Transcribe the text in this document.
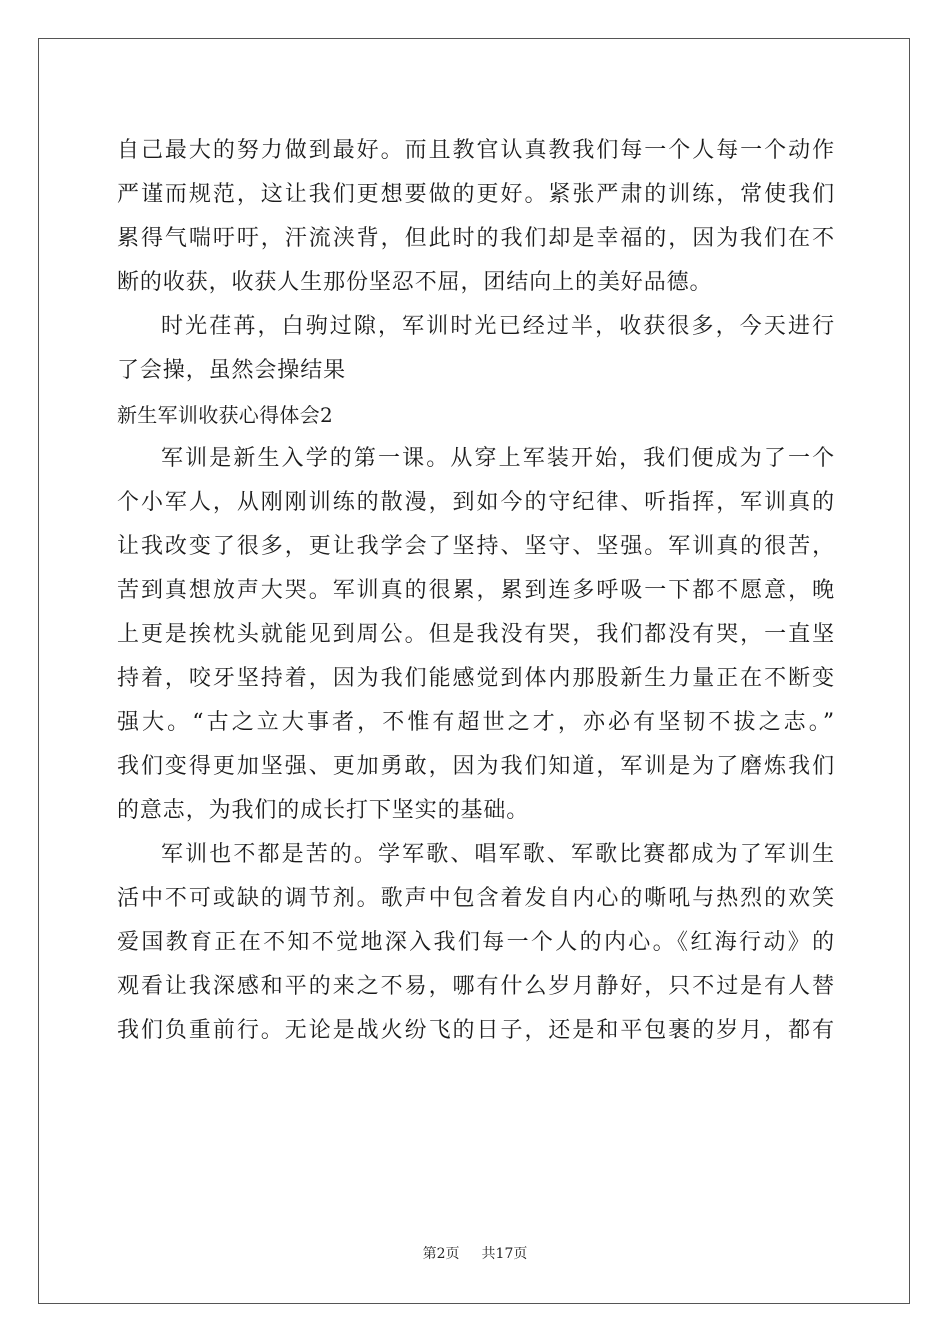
自己最大的努力做到最好。而且教官认真教我们每一个人每一个动作
严谨而规范，这让我们更想要做的更好。紧张严肃的训练，常使我们
累得气喘吁吁，汗流浃背，但此时的我们却是幸福的，因为我们在不
断的收获，收获人生那份坚忍不屈，团结向上的美好品德。
时光荏苒，白驹过隙，军训时光已经过半，收获很多，今天进行
了会操，虽然会操结果
新生军训收获心得体会2
军训是新生入学的第一课。从穿上军装开始，我们便成为了一个
个小军人，从刚刚训练的散漫，到如今的守纪律、听指挥，军训真的
让我改变了很多，更让我学会了坚持、坚守、坚强。军训真的很苦，
苦到真想放声大哭。军训真的很累，累到连多呼吸一下都不愿意，晚
上更是挨枕头就能见到周公。但是我没有哭，我们都没有哭，一直坚
持着，咬牙坚持着，因为我们能感觉到体内那股新生力量正在不断变
强大。“古之立大事者，不惟有超世之才，亦必有坚韧不拔之志。”
我们变得更加坚强、更加勇敢，因为我们知道，军训是为了磨炼我们
的意志，为我们的成长打下坚实的基础。
军训也不都是苦的。学军歌、唱军歌、军歌比赛都成为了军训生
活中不可或缺的调节剂。歌声中包含着发自内心的嘶吼与热烈的欢笑
爱国教育正在不知不觉地深入我们每一个人的内心。《红海行动》的
观看让我深感和平的来之不易，哪有什么岁月静好，只不过是有人替
我们负重前行。无论是战火纷飞的日子，还是和平包裹的岁月，都有
第2页 共17页
